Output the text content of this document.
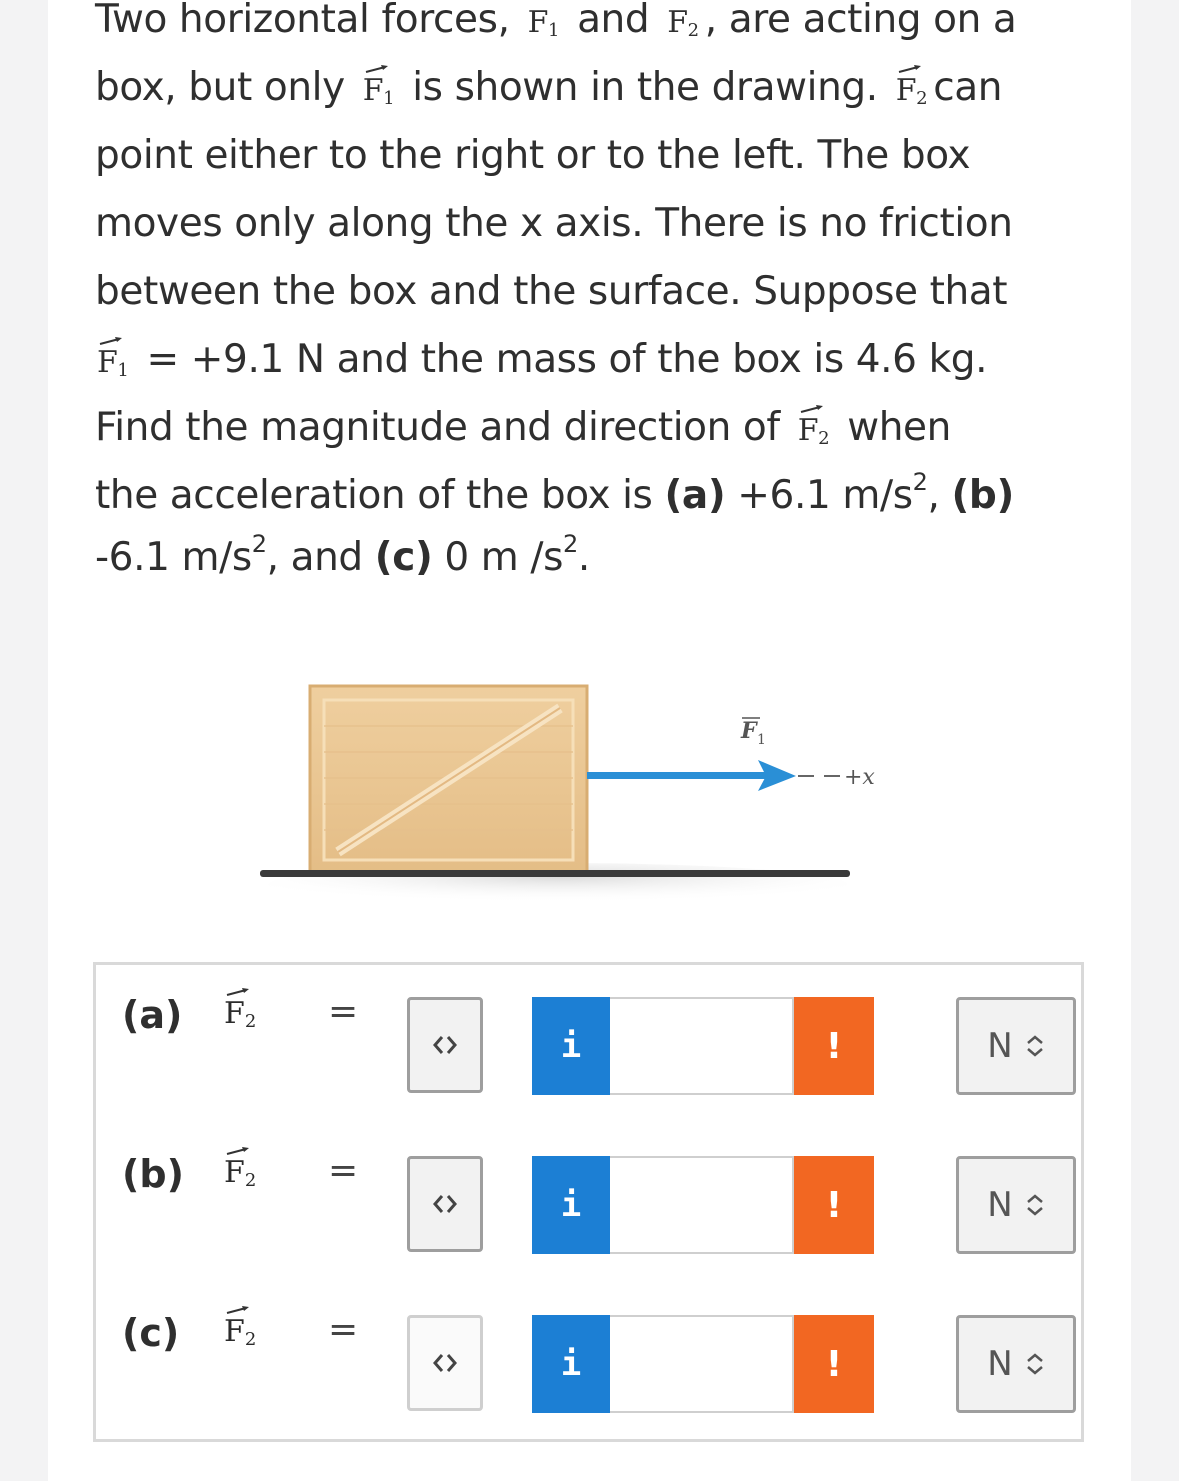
Two horizontal forces, $F_1$ and $F_2$ , are acting on a
box, but only $F_1$ is shown in the drawing. $F_2$ can
point either to the right or to the left. The box
moves only along the x axis. There is no friction
between the box and the surface. Suppose that
$F_1 = +9.1$ N and the mass of the box is 4.6 kg.
Find the magnitude and direction of $F_2$ when
the acceleration of the box is (a) +6.1 $m/s^2$, (b)
-6.1 $m/s^2$, and (c) 0 m $/s^2$.
F 1
+x
(a) $F_2$ =
i	!	N
(b) $F_2$ =
i	!	N
(c) $F_2$ =
i	!	N
